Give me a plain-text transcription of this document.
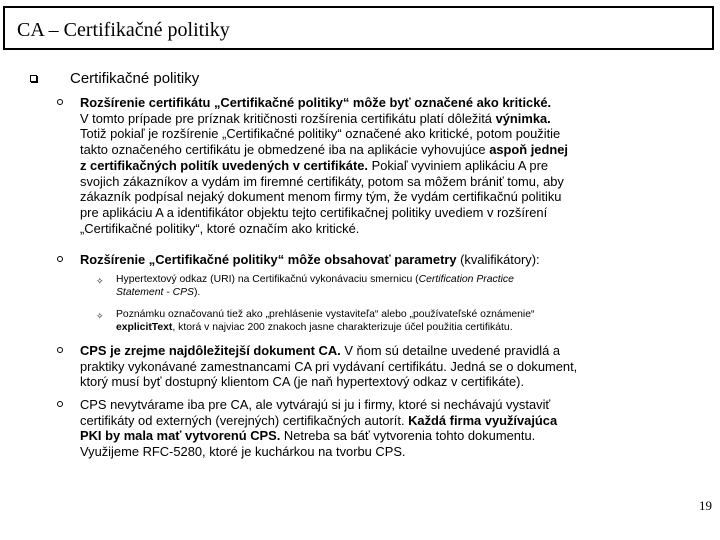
CA – Certifikačné politiky
Certifikačné politiky
Rozšírenie certifikátu „Certifikačné politiky“ môže byť označené ako kritické.
V tomto prípade pre príznak kritičnosti rozšírenia certifikátu platí dôležitá výnimka.
Totiž pokiaľ je rozšírenie „Certifikačné politiky“ označené ako kritické, potom použitie
takto označeného certifikátu je obmedzené iba na aplikácie vyhovujúce aspoň jednej
z certifikačných politík uvedených v certifikáte. Pokiaľ vyviniem aplikáciu A pre
svojich zákazníkov a vydám im firemné certifikáty, potom sa môžem brániť tomu, aby
zákazník podpísal nejaký dokument menom firmy tým, že vydám certifikačnú politiku
pre aplikáciu A a identifikátor objektu tejto certifikačnej politiky uvediem v rozšírení
„Certifikačné politiky“, ktoré označím ako kritické.
Rozšírenie „Certifikačné politiky“ môže obsahovať parametry (kvalifikátory):
✧ Hypertextový odkaz (URI) na Certifikačnú vykonávaciu smernicu (Certification Practice
Statement - CPS).
✧ Poznámku označovanú tiež ako „prehlásenie vystaviteľa“ alebo „používateľské oznámenie“
explicitText, ktorá v najviac 200 znakoch jasne charakterizuje účel použitia certifikátu.
CPS je zrejme najdôležitejší dokument CA. V ňom sú detailne uvedené pravidlá a
praktiky vykonávané zamestnancami CA pri vydávaní certifikátu. Jedná se o dokument,
ktorý musí byť dostupný klientom CA (je naň hypertextový odkaz v certifikáte).
CPS nevytvárame iba pre CA, ale vytvárajú si ju i firmy, ktoré si nechávajú vystaviť
certifikáty od externých (verejných) certifikačných autorít. Každá firma využívajúca
PKI by mala mať vytvorenú CPS. Netreba sa báť vytvorenia tohto dokumentu.
Využijeme RFC-5280, ktoré je kuchárkou na tvorbu CPS.
19
